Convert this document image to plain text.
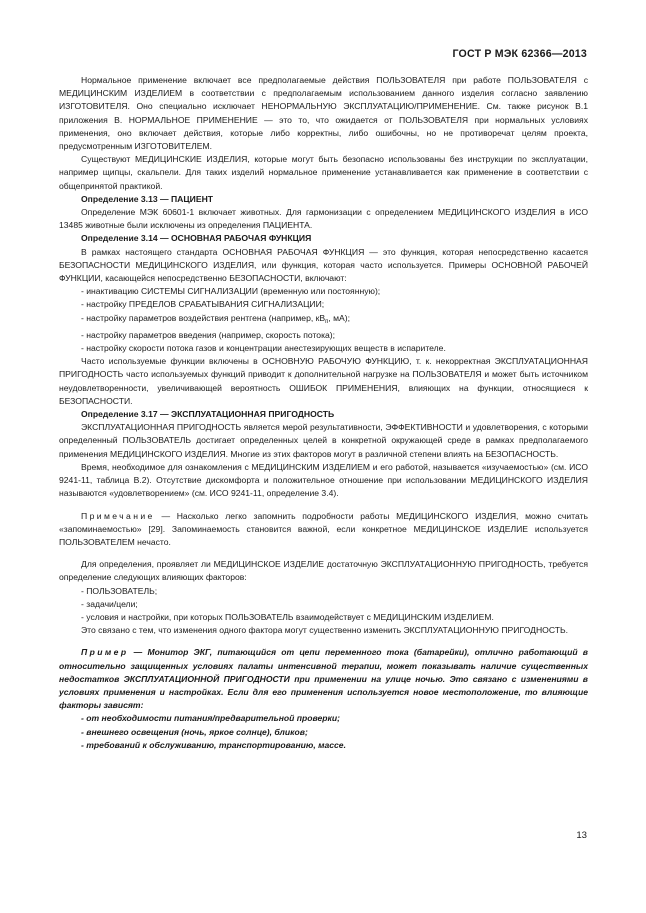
ГОСТ Р МЭК 62366—2013

Нормальное применение включает все предполагаемые действия ПОЛЬЗОВАТЕЛЯ при работе ПОЛЬЗОВАТЕЛЯ с МЕДИЦИНСКИМ ИЗДЕЛИЕМ в соответствии с предполагаемым использованием данного изделия согласно заявлению ИЗГОТОВИТЕЛЯ. Оно специально исключает НЕНОРМАЛЬНУЮ ЭКСПЛУАТАЦИЮ/ПРИМЕНЕНИЕ. См. также рисунок В.1 приложения В. НОРМАЛЬНОЕ ПРИМЕНЕНИЕ — это то, что ожидается от ПОЛЬЗОВАТЕЛЯ при нормальных условиях применения, оно включает действия, которые либо корректны, либо ошибочны, но не противоречат целям проекта, предусмотренным ИЗГОТОВИТЕЛЕМ.

Существуют МЕДИЦИНСКИЕ ИЗДЕЛИЯ, которые могут быть безопасно использованы без инструкции по эксплуатации, например щипцы, скальпели. Для таких изделий нормальное применение устанавливается как применение в соответствии с общепринятой практикой.

Определение 3.13 — ПАЦИЕНТ

Определение МЭК 60601-1 включает животных. Для гармонизации с определением МЕДИЦИНСКОГО ИЗДЕЛИЯ в ИСО 13485 животные были исключены из определения ПАЦИЕНТА.

Определение 3.14 — ОСНОВНАЯ РАБОЧАЯ ФУНКЦИЯ

В рамках настоящего стандарта ОСНОВНАЯ РАБОЧАЯ ФУНКЦИЯ — это функция, которая непосредственно касается БЕЗОПАСНОСТИ МЕДИЦИНСКОГО ИЗДЕЛИЯ, или функция, которая часто используется. Примеры ОСНОВНОЙ РАБОЧЕЙ ФУНКЦИИ, касающейся непосредственно БЕЗОПАСНОСТИ, включают:

- инактивацию СИСТЕМЫ СИГНАЛИЗАЦИИ (временную или постоянную);

- настройку ПРЕДЕЛОВ СРАБАТЫВАНИЯ СИГНАЛИЗАЦИИ;

- настройку параметров воздействия рентгена (например, $кВ_п$, мА);

- настройку параметров введения (например, скорость потока);

- настройку скорости потока газов и концентрации анестезирующих веществ в испарителе.

Часто используемые функции включены в ОСНОВНУЮ РАБОЧУЮ ФУНКЦИЮ, т. к. некорректная ЭКСПЛУАТАЦИОННАЯ ПРИГОДНОСТЬ часто используемых функций приводит к дополнительной нагрузке на ПОЛЬЗОВАТЕЛЯ и может быть источником неудовлетворенности, увеличивающей вероятность ОШИБОК ПРИМЕНЕНИЯ, влияющих на функции, относящиеся к БЕЗОПАСНОСТИ.

Определение 3.17 — ЭКСПЛУАТАЦИОННАЯ ПРИГОДНОСТЬ

ЭКСПЛУАТАЦИОННАЯ ПРИГОДНОСТЬ является мерой результативности, ЭФФЕКТИВНОСТИ и удовлетворения, с которыми определенный ПОЛЬЗОВАТЕЛЬ достигает определенных целей в конкретной окружающей среде в рамках предполагаемого применения МЕДИЦИНСКОГО ИЗДЕЛИЯ. Многие из этих факторов могут в различной степени влиять на БЕЗОПАСНОСТЬ.

Время, необходимое для ознакомления с МЕДИЦИНСКИМ ИЗДЕЛИЕМ и его работой, называется «изучаемостью» (см. ИСО 9241-11, таблица В.2). Отсутствие дискомфорта и положительное отношение при использовании МЕДИЦИНСКОГО ИЗДЕЛИЯ называются «удовлетворением» (см. ИСО 9241-11, определение 3.4).

Примечание — Насколько легко запомнить подробности работы МЕДИЦИНСКОГО ИЗДЕЛИЯ, можно считать «запоминаемостью» [29]. Запоминаемость становится важной, если конкретное МЕДИЦИНСКОЕ ИЗДЕЛИЕ используется ПОЛЬЗОВАТЕЛЕМ нечасто.

Для определения, проявляет ли МЕДИЦИНСКОЕ ИЗДЕЛИЕ достаточную ЭКСПЛУАТАЦИОННУЮ ПРИГОДНОСТЬ, требуется определение следующих влияющих факторов:

- ПОЛЬЗОВАТЕЛЬ;

- задачи/цели;

- условия и настройки, при которых ПОЛЬЗОВАТЕЛЬ взаимодействует с МЕДИЦИНСКИМ ИЗДЕЛИЕМ.

Это связано с тем, что изменения одного фактора могут существенно изменить ЭКСПЛУАТАЦИОННУЮ ПРИГОДНОСТЬ.

Пример — Монитор ЭКГ, питающийся от цепи переменного тока (батарейки), отлично работающий в относительно защищенных условиях палаты интенсивной терапии, может показывать наличие существенных недостатков ЭКСПЛУАТАЦИОННОЙ ПРИГОДНОСТИ при применении на улице ночью. Это связано с изменениями в условиях применения и настройках. Если для его применения используется новое местоположение, то влияющие факторы зависят:

- от необходимости питания/предварительной проверки;

- внешнего освещения (ночь, яркое солнце), бликов;

- требований к обслуживанию, транспортированию, массе.

13
